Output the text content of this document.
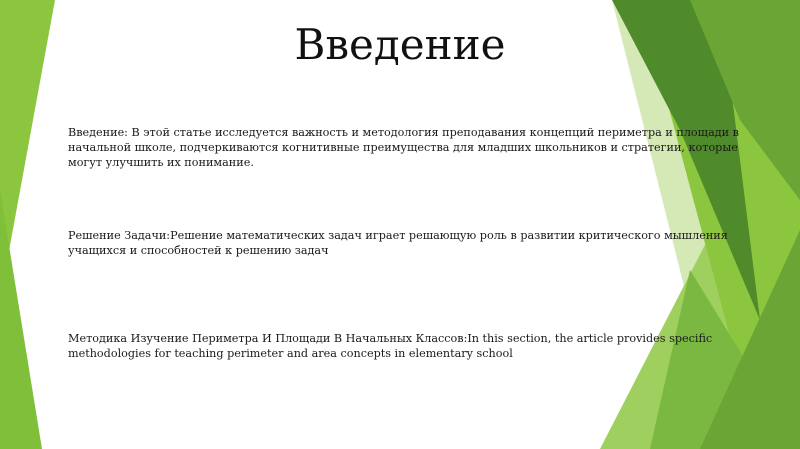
Введение

Введение: В этой статье исследуется важность и методология преподавания концепций периметра и площади в начальной школе, подчеркиваются когнитивные преимущества для младших школьников и стратегии, которые могут улучшить их понимание.

Решение Задачи:Решение математических задач играет решающую роль в развитии критического мышления учащихся и способностей к решению задач

Методика Изучение Периметра И Площади В Начальных Классов:In this section, the article provides specific methodologies for teaching perimeter and area concepts in elementary school
